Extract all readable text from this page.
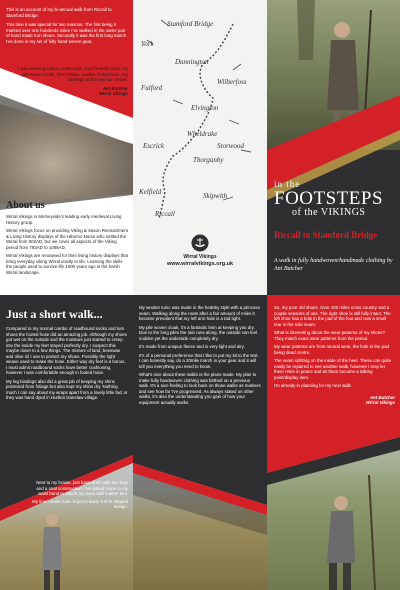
This is an account of my bi-annual walk from Riccall to Stamford Bridge.

This time it was special for two reasons. The first being it marked over one hundreds miles I've walked in the same pair of hand made turn shoes. Secondly it was the first long march I've done in my set of fully hand woven gear.

I was wearing a linen under tunic, wool hedeby tunic, my pile woven cloak, linen braise, woolen footed hose, leg bindings and trusty turn shoes.

Ant Butcher

Wirral Vikings

About us

Wirral Vikings is Merseyside's leading early medieval Living History group.

Wirral Vikings focus on providing Viking & Saxon Reenactment & Living History displays of the Hiberno Norse who settled the Wirral from 902AD, but we cover all aspects of the Viking period from 793AD to 1066AD.

Wirral Vikings are renowned for their living history displays that bring everyday viking Wirral vividly to life. Learning the skills the people used to survive life 1000 years ago in the harsh Wirral landscape.

Stamford Bridge
York
Dunnington
Fulford
Wilberfoss
Elvington
Wheldrake
Storwood
Escrick
Thorganby
Kelfield	Skipwith
Riccall
Wirral Vikings
www.wirralvikings.org.uk
in the
FOOTSTEPS
of the VIKINGS
Riccall to Stamford Bridge
A walk in fully handwoven/handmade clothing by Ant Butcher
Just a short walk...

Compared to my normal combo of roadbound socks and turn shoes the footed hose did an amazing job. Although my shoes got wet on the outside and the moisture just started to creep into the inside my feet stayed perfectly dry. I suspect this maybe down to a few things. The mixture of land, beeswax and olive oil I use to protect my shoes. Possibly the tight weave used to make the hose. Either way dry feet is a bonus. I must admit roadbound socks have better cushioning, however I was comfortable enough in footed hose.

My leg bindings also did a great job of keeping my shins protected from foliage but also kept my shins dry. Nothing much I can say about my wraps apart from a lovely little fact or they was hand dyed in Hurlton Danelaw village.

Next to my braise, just basic linen with two legs and a seat construction. I've added loops to my waist band to attach my hose with leather ties.

My linen under tunic is just a basic T-shirt shaped design.

My woolen tunic was made in the hedeby style with a princess seam. Walking along the route after a fair amount of miles it became prevalent that my left arm hole is a tad tight.

My pile woven cloak, it's a fantastic item at keeping you dry. Due to the long piles the rain runs along, the outside can feel sodden yet the underside completely dry.

It's made from unspun fleece and is very light and airy.

It's of a personal preference that I like to put my kit to the test. I can honestly say, do a 20mile march in your gear and it will tell you everything you need to know.

What's nice about these walks is the plans made. My plan to make fully handwoven clothing was birthed on a previous walk. It's a nice feeling to look back on those walks as markers and see how far I've progressed. As always stated on other walks, it's also the understanding you gain of how your equipment actually works.

So, my poor old shoes. Over 100 miles cross country and a couple seasons of use. The right shoe is still fully intact. The left shoe has a hole in the pad of the foot and now a small tear in the sole seam.

What is interesting about the wear patterns of my shoes? They match exact wear patterns from the period.

My wear patterns are from neutral wear, the hole in the pad being dead centre.

The seam splitting on the inside of the heel. These can quite easily be repaired to see another walk, however I may let them retire in peace and let them become a talking point/display item.

I'm already in planning for my next walk.

Ant Butcher

Wirral Vikings
